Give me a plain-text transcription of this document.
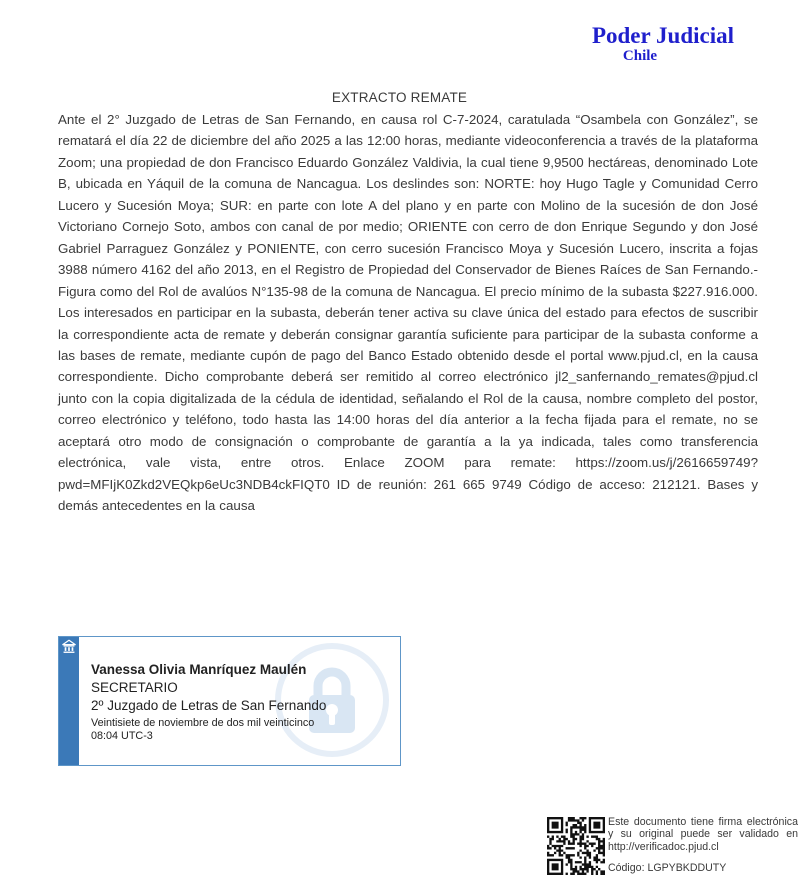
Poder Judicial
Chile
EXTRACTO REMATE
Ante el 2° Juzgado de Letras de San Fernando, en causa rol C-7-2024, caratulada “Osambela con González”, se rematará el día 22 de diciembre del año 2025 a las 12:00 horas, mediante videoconferencia a través de la plataforma Zoom; una propiedad de don Francisco Eduardo González Valdivia, la cual tiene 9,9500 hectáreas, denominado Lote B, ubicada en Yáquil de la comuna de Nancagua. Los deslindes son: NORTE: hoy Hugo Tagle y Comunidad Cerro Lucero y Sucesión Moya; SUR: en parte con lote A del plano y en parte con Molino de la sucesión de don José Victoriano Cornejo Soto, ambos con canal de por medio; ORIENTE con cerro de don Enrique Segundo y don José Gabriel Parraguez González y PONIENTE, con cerro sucesión Francisco Moya y Sucesión Lucero, inscrita a fojas 3988 número 4162 del año 2013, en el Registro de Propiedad del Conservador de Bienes Raíces de San Fernando.- Figura como del Rol de avalúos N°135-98 de la comuna de Nancagua. El precio mínimo de la subasta $227.916.000. Los interesados en participar en la subasta, deberán tener activa su clave única del estado para efectos de suscribir la correspondiente acta de remate y deberán consignar garantía suficiente para participar de la subasta conforme a las bases de remate, mediante cupón de pago del Banco Estado obtenido desde el portal www.pjud.cl, en la causa correspondiente. Dicho comprobante deberá ser remitido al correo electrónico jl2_sanfernando_remates@pjud.cl junto con la copia digitalizada de la cédula de identidad, señalando el Rol de la causa, nombre completo del postor, correo electrónico y teléfono, todo hasta las 14:00 horas del día anterior a la fecha fijada para el remate, no se aceptará otro modo de consignación o comprobante de garantía a la ya indicada, tales como transferencia electrónica, vale vista, entre otros. Enlace ZOOM para remate: https://zoom.us/j/2616659749?pwd=MFIjK0Zkd2VEQkp6eUc3NDB4ckFIQT0 ID de reunión: 261 665 9749 Código de acceso: 212121. Bases y demás antecedentes en la causa
Vanessa Olivia Manríquez Maulén
SECRETARIO
2º Juzgado de Letras de San Fernando
Veintisiete de noviembre de dos mil veinticinco
08:04 UTC-3
Este documento tiene firma electrónica y su original puede ser validado en http://verificadoc.pjud.cl
Código: LGPYBKDDUTY
